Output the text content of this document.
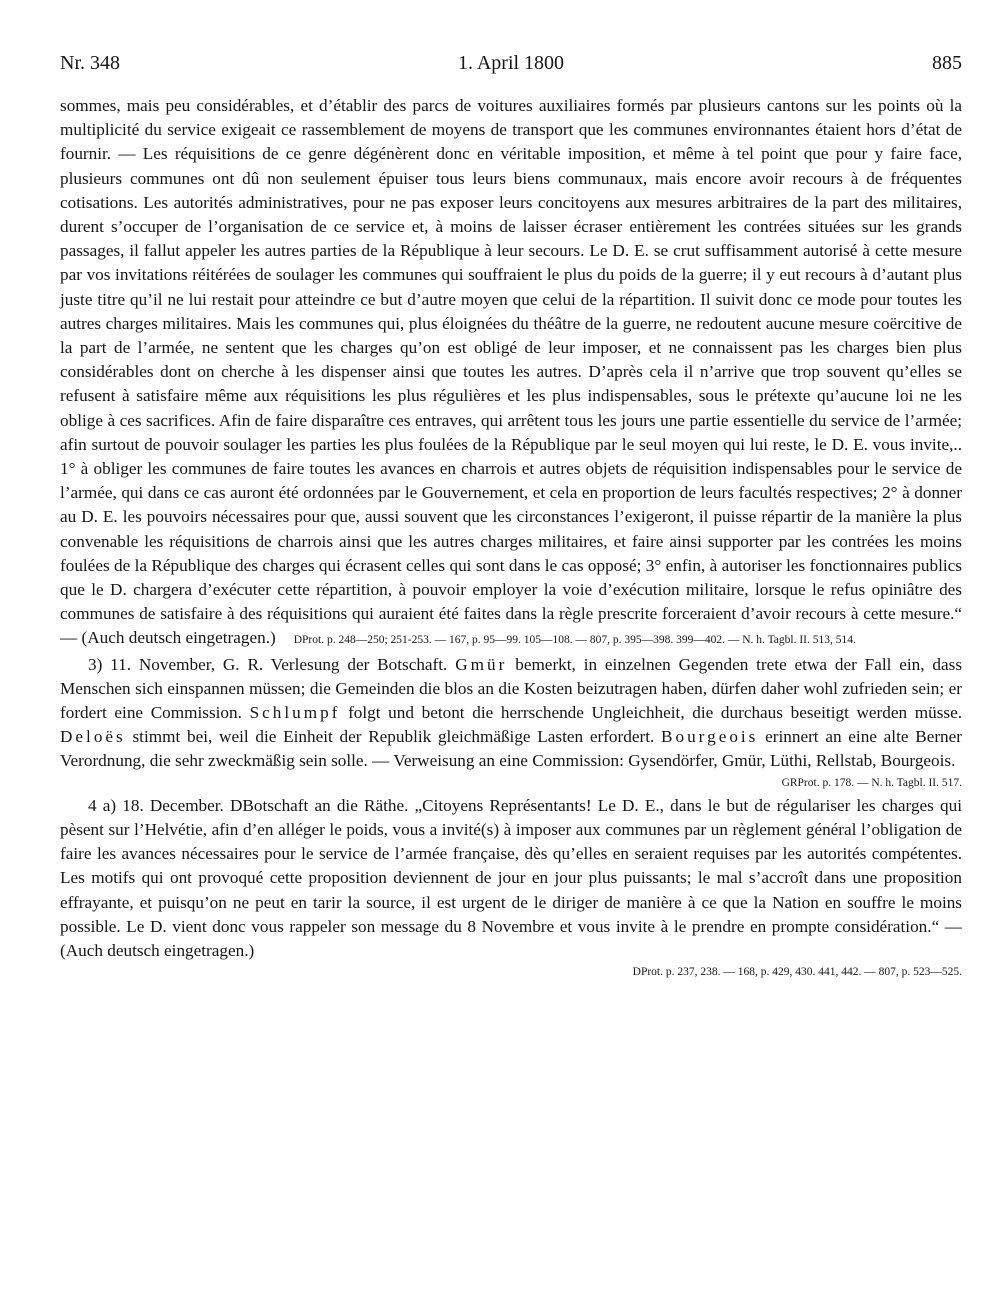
Nr. 348	1. April 1800	885

sommes, mais peu considérables, et d’établir des parcs de voitures auxiliaires formés par plusieurs cantons sur les points où la multiplicité du service exigeait ce rassemblement de moyens de transport que les communes environnantes étaient hors d’état de fournir. — Les réquisitions de ce genre dégénèrent donc en véritable imposition, et même à tel point que pour y faire face, plusieurs communes ont dû non seulement épuiser tous leurs biens communaux, mais encore avoir recours à de fréquentes cotisations. Les autorités administratives, pour ne pas exposer leurs concitoyens aux mesures arbitraires de la part des militaires, durent s’occuper de l’organisation de ce service et, à moins de laisser écraser entièrement les contrées situées sur les grands passages, il fallut appeler les autres parties de la République à leur secours. Le D. E. se crut suffisamment autorisé à cette mesure par vos invitations réitérées de soulager les communes qui souffraient le plus du poids de la guerre; il y eut recours à d’autant plus juste titre qu’il ne lui restait pour atteindre ce but d’autre moyen que celui de la répartition. Il suivit donc ce mode pour toutes les autres charges militaires. Mais les communes qui, plus éloignées du théâtre de la guerre, ne redoutent aucune mesure coërcitive de la part de l’armée, ne sentent que les charges qu’on est obligé de leur imposer, et ne connaissent pas les charges bien plus considérables dont on cherche à les dispenser ainsi que toutes les autres. D’après cela il n’arrive que trop souvent qu’elles se refusent à satisfaire même aux réquisitions les plus régulières et les plus indispensables, sous le prétexte qu’aucune loi ne les oblige à ces sacrifices. Afin de faire disparaître ces entraves, qui arrêtent tous les jours une partie essentielle du service de l’armée; afin surtout de pouvoir soulager les parties les plus foulées de la République par le seul moyen qui lui reste, le D. E. vous invite,.. 1° à obliger les communes de faire toutes les avances en charrois et autres objets de réquisition indispensables pour le service de l’armée, qui dans ce cas auront été ordonnées par le Gouvernement, et cela en proportion de leurs facultés respectives; 2° à donner au D. E. les pouvoirs nécessaires pour que, aussi souvent que les circonstances l’exigeront, il puisse répartir de la manière la plus convenable les réquisitions de charrois ainsi que les autres charges militaires, et faire ainsi supporter par les contrées les moins foulées de la République des charges qui écrasent celles qui sont dans le cas opposé; 3° enfin, à autoriser les fonctionnaires publics que le D. chargera d’exécuter cette répartition, à pouvoir employer la voie d’exécution militaire, lorsque le refus opiniâtre des communes de satisfaire à des réquisitions qui auraient été faites dans la règle prescrite forceraient d’avoir recours à cette mesure.“ — (Auch deutsch eingetragen.) DProt. p. 248—250; 251-253. — 167, p. 95—99. 105—108. — 807, p. 395—398. 399—402. — N. h. Tagbl. II. 513, 514.

3) 11. November, G. R. Verlesung der Botschaft. Gmür bemerkt, in einzelnen Gegenden trete etwa der Fall ein, dass Menschen sich einspannen müssen; die Gemeinden die blos an die Kosten beizutragen haben, dürfen daher wohl zufrieden sein; er fordert eine Commission. Schlumpf folgt und betont die herrschende Ungleichheit, die durchaus beseitigt werden müsse. Deloës stimmt bei, weil die Einheit der Republik gleichmäßige Lasten erfordert. Bourgeois erinnert an eine alte Berner Verordnung, die sehr zweckmäßig sein solle. — Verweisung an eine Commission: Gysendörfer, Gmür, Lüthi, Rellstab, Bourgeois.

GRProt. p. 178. — N. h. Tagbl. II. 517.

4 a) 18. December. DBotschaft an die Räthe. „Citoyens Représentants! Le D. E., dans le but de régulariser les charges qui pèsent sur l’Helvétie, afin d’en alléger le poids, vous a invité(s) à imposer aux communes par un règlement général l’obligation de faire les avances nécessaires pour le service de l’armée française, dès qu’elles en seraient requises par les autorités compétentes. Les motifs qui ont provoqué cette proposition deviennent de jour en jour plus puissants; le mal s’accroît dans une proposition effrayante, et puisqu’on ne peut en tarir la source, il est urgent de le diriger de manière à ce que la Nation en souffre le moins possible. Le D. vient donc vous rappeler son message du 8 Novembre et vous invite à le prendre en prompte considération.“ — (Auch deutsch eingetragen.)

DProt. p. 237, 238. — 168, p. 429, 430. 441, 442. — 807, p. 523—525.
